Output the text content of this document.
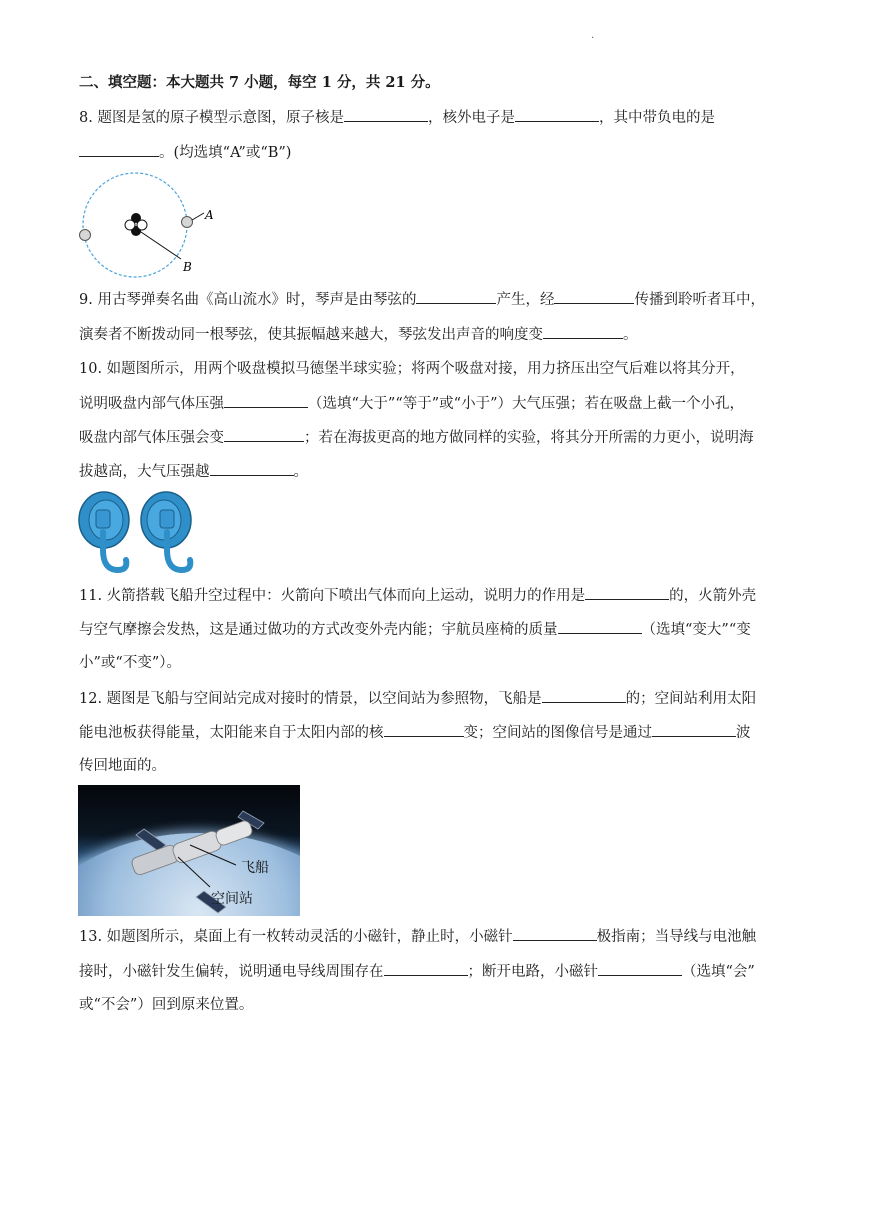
.
二、填空题：本大题共 7 小题，每空 1 分，共 21 分。
8. 题图是氢的原子模型示意图，原子核是	，核外电子是	，其中带负电的是
。(均选填“A”或“B”)
A
B
9. 用古琴弹奏名曲《高山流水》时，琴声是由琴弦的	产生，经	传播到聆听者耳中，
演奏者不断拨动同一根琴弦，使其振幅越来越大，琴弦发出声音的响度变	。
10. 如题图所示，用两个吸盘模拟马德堡半球实验；将两个吸盘对接，用力挤压出空气后难以将其分开，
说明吸盘内部气体压强	（选填“大于”“等于”或“小于”）大气压强；若在吸盘上截一个小孔，
吸盘内部气体压强会变	；若在海拔更高的地方做同样的实验，将其分开所需的力更小，说明海
拔越高，大气压强越	。
11. 火箭搭载飞船升空过程中：火箭向下喷出气体而向上运动，说明力的作用是	的，火箭外壳
与空气摩擦会发热，这是通过做功的方式改变外壳内能；宇航员座椅的质量	（选填“变大”“变
小”或“不变”）。
12. 题图是飞船与空间站完成对接时的情景，以空间站为参照物，飞船是	的；空间站利用太阳
能电池板获得能量，太阳能来自于太阳内部的核	变；空间站的图像信号是通过	波
传回地面的。
飞船
空间站
13. 如题图所示，桌面上有一枚转动灵活的小磁针，静止时，小磁针	极指南；当导线与电池触
接时，小磁针发生偏转，说明通电导线周围存在	；断开电路，小磁针	（选填“会”
或“不会”）回到原来位置。
